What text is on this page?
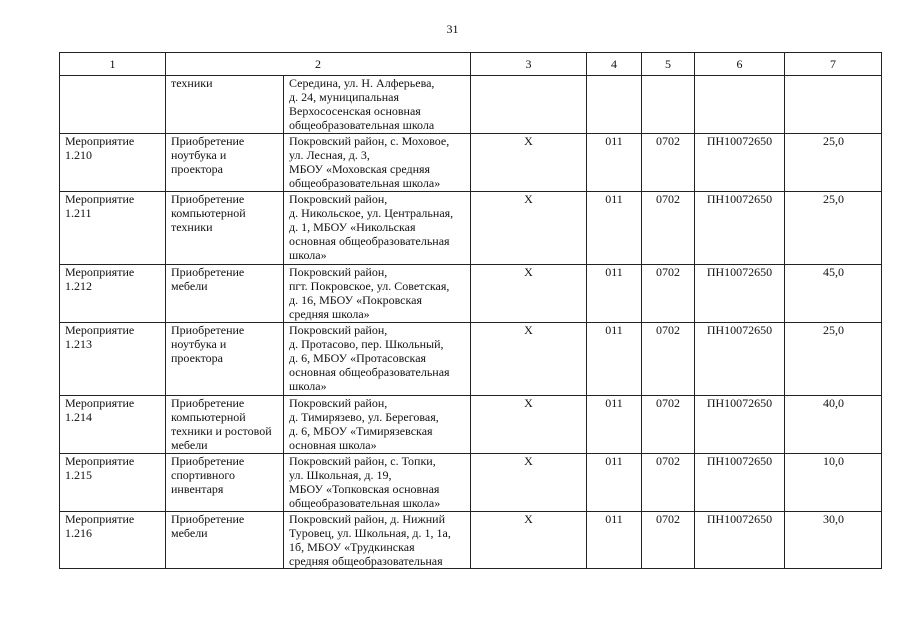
31
1	2		3	4	5	6	7

	техники	Середина, ул. Н. Алферьева,
д. 24, муниципальная
Верхососенская основная
общеобразовательная школа					

Мероприятие
1.210	Приобретение
ноутбука и
проектора	Покровский район, с. Моховое,
ул. Лесная, д. 3,
МБОУ «Моховская средняя
общеобразовательная школа»	Х	011	0702	ПН10072650	25,0

Мероприятие
1.211	Приобретение
компьютерной
техники	Покровский район,
д. Никольское, ул. Центральная,
д. 1, МБОУ «Никольская
основная общеобразовательная
школа»	Х	011	0702	ПН10072650	25,0

Мероприятие
1.212	Приобретение
мебели	Покровский район,
пгт. Покровское, ул. Советская,
д. 16, МБОУ «Покровская
средняя школа»	Х	011	0702	ПН10072650	45,0

Мероприятие
1.213	Приобретение
ноутбука и
проектора	Покровский район,
д. Протасово, пер. Школьный,
д. 6, МБОУ «Протасовская
основная общеобразовательная
школа»	Х	011	0702	ПН10072650	25,0

Мероприятие
1.214	Приобретение
компьютерной
техники и ростовой
мебели	Покровский район,
д. Тимирязево, ул. Береговая,
д. 6, МБОУ «Тимирязевская
основная школа»	Х	011	0702	ПН10072650	40,0

Мероприятие
1.215	Приобретение
спортивного
инвентаря	Покровский район, с. Топки,
ул. Школьная, д. 19,
МБОУ «Топковская основная
общеобразовательная школа»	Х	011	0702	ПН10072650	10,0

Мероприятие
1.216	Приобретение
мебели	Покровский район, д. Нижний
Туровец, ул. Школьная, д. 1, 1а,
1б, МБОУ «Трудкинская
средняя общеобразовательная	Х	011	0702	ПН10072650	30,0
